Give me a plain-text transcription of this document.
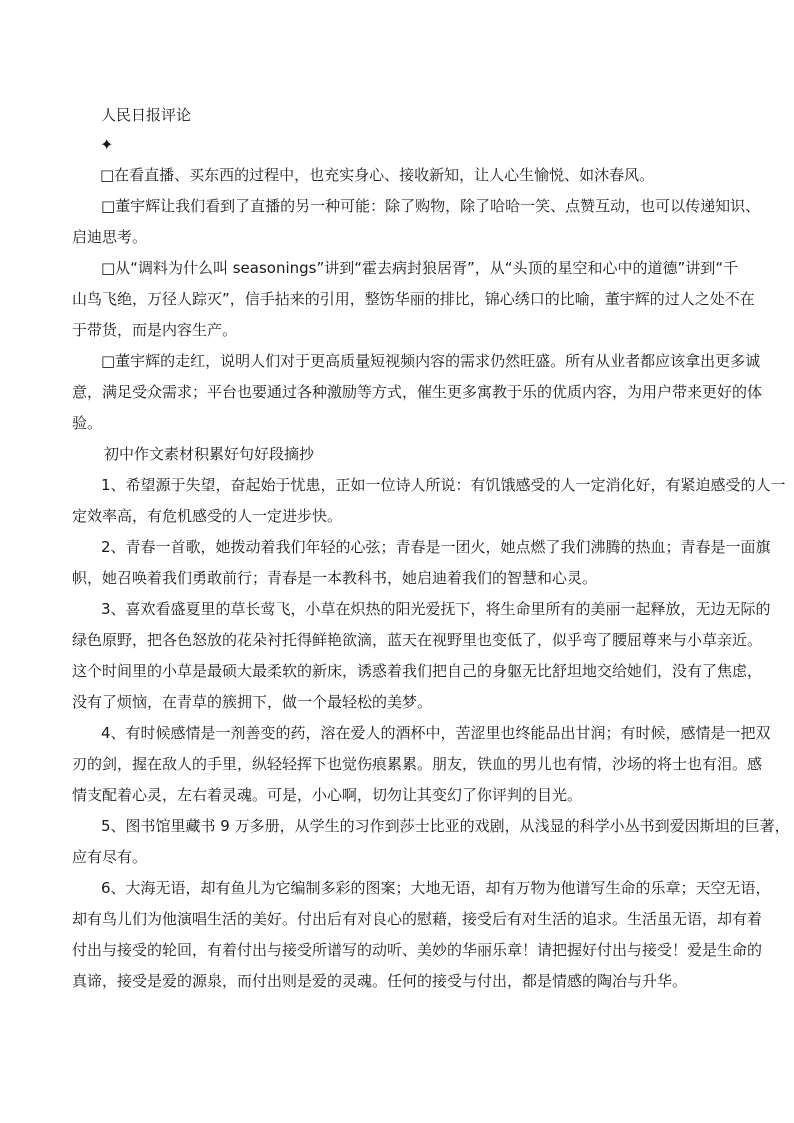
人民日报评论

✦

□在看直播、买东西的过程中，也充实身心、接收新知，让人心生愉悦、如沐春风。

□董宇辉让我们看到了直播的另一种可能：除了购物，除了哈哈一笑、点赞互动，也可以传递知识、

启迪思考。

□从“调料为什么叫 seasonings”讲到“霍去病封狼居胥”，从“头顶的星空和心中的道德”讲到“千

山鸟飞绝，万径人踪灭”，信手拈来的引用，整饬华丽的排比，锦心绣口的比喻，董宇辉的过人之处不在

于带货，而是内容生产。

□董宇辉的走红，说明人们对于更高质量短视频内容的需求仍然旺盛。所有从业者都应该拿出更多诚

意，满足受众需求；平台也要通过各种激励等方式，催生更多寓教于乐的优质内容，为用户带来更好的体

验。

初中作文素材积累好句好段摘抄

1、希望源于失望，奋起始于忧患，正如一位诗人所说：有饥饿感受的人一定消化好，有紧迫感受的人一

定效率高，有危机感受的人一定进步快。

2、青春一首歌，她拨动着我们年轻的心弦；青春是一团火，她点燃了我们沸腾的热血；青春是一面旗

帜，她召唤着我们勇敢前行；青春是一本教科书，她启迪着我们的智慧和心灵。

3、喜欢看盛夏里的草长莺飞，小草在炽热的阳光爱抚下，将生命里所有的美丽一起释放，无边无际的

绿色原野，把各色怒放的花朵衬托得鲜艳欲滴，蓝天在视野里也变低了，似乎弯了腰屈尊来与小草亲近。

这个时间里的小草是最硕大最柔软的新床，诱惑着我们把自己的身躯无比舒坦地交给她们，没有了焦虑，

没有了烦恼，在青草的簇拥下，做一个最轻松的美梦。

4、有时候感情是一剂善变的药，溶在爱人的酒杯中，苦涩里也终能品出甘润；有时候，感情是一把双

刃的剑，握在敌人的手里，纵轻轻挥下也觉伤痕累累。朋友，铁血的男儿也有情，沙场的将士也有泪。感

情支配着心灵，左右着灵魂。可是，小心啊，切勿让其变幻了你评判的目光。

5、图书馆里藏书 9 万多册，从学生的习作到莎士比亚的戏剧，从浅显的科学小丛书到爱因斯坦的巨著，

应有尽有。

6、大海无语，却有鱼儿为它编制多彩的图案；大地无语，却有万物为他谱写生命的乐章；天空无语，

却有鸟儿们为他演唱生活的美好。付出后有对良心的慰藉，接受后有对生活的追求。生活虽无语，却有着

付出与接受的轮回，有着付出与接受所谱写的动听、美妙的华丽乐章！请把握好付出与接受！爱是生命的

真谛，接受是爱的源泉，而付出则是爱的灵魂。任何的接受与付出，都是情感的陶冶与升华。
